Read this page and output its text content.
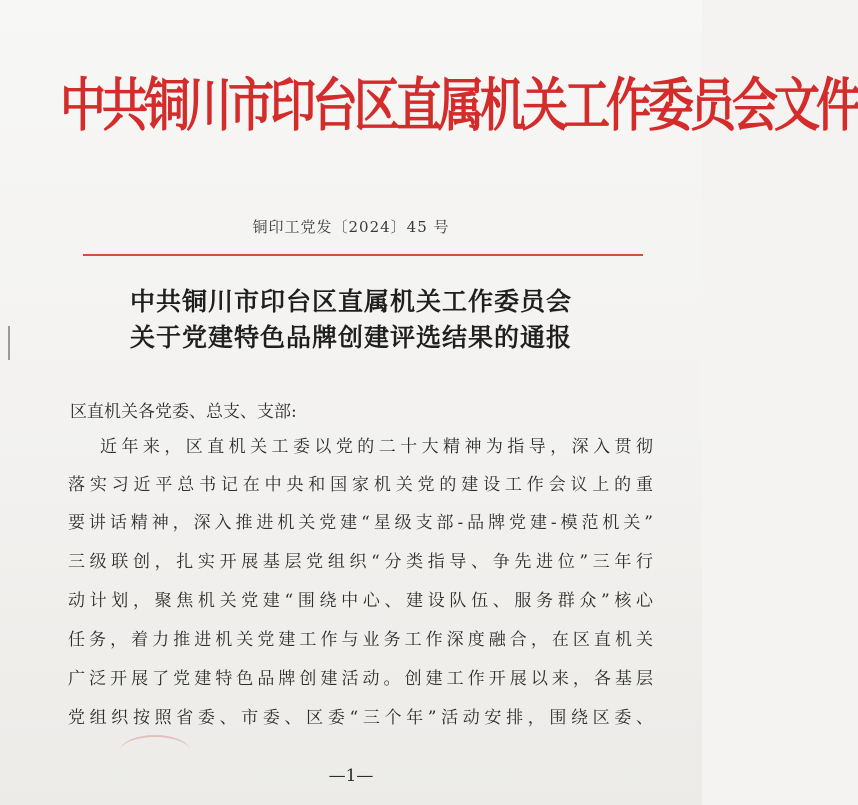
中共铜川市印台区直属机关工作委员会文件
铜印工党发〔2024〕45 号
中共铜川市印台区直属机关工作委员会
关于党建特色品牌创建评选结果的通报
区直机关各党委、总支、支部:
近年来，区直机关工委以党的二十大精神为指导，深入贯彻
落实习近平总书记在中央和国家机关党的建设工作会议上的重
要讲话精神，深入推进机关党建“星级支部-品牌党建-模范机关”
三级联创，扎实开展基层党组织“分类指导、争先进位”三年行
动计划，聚焦机关党建“围绕中心、建设队伍、服务群众”核心
任务，着力推进机关党建工作与业务工作深度融合，在区直机关
广泛开展了党建特色品牌创建活动。创建工作开展以来，各基层
党组织按照省委、市委、区委“三个年”活动安排，围绕区委、
—1—
